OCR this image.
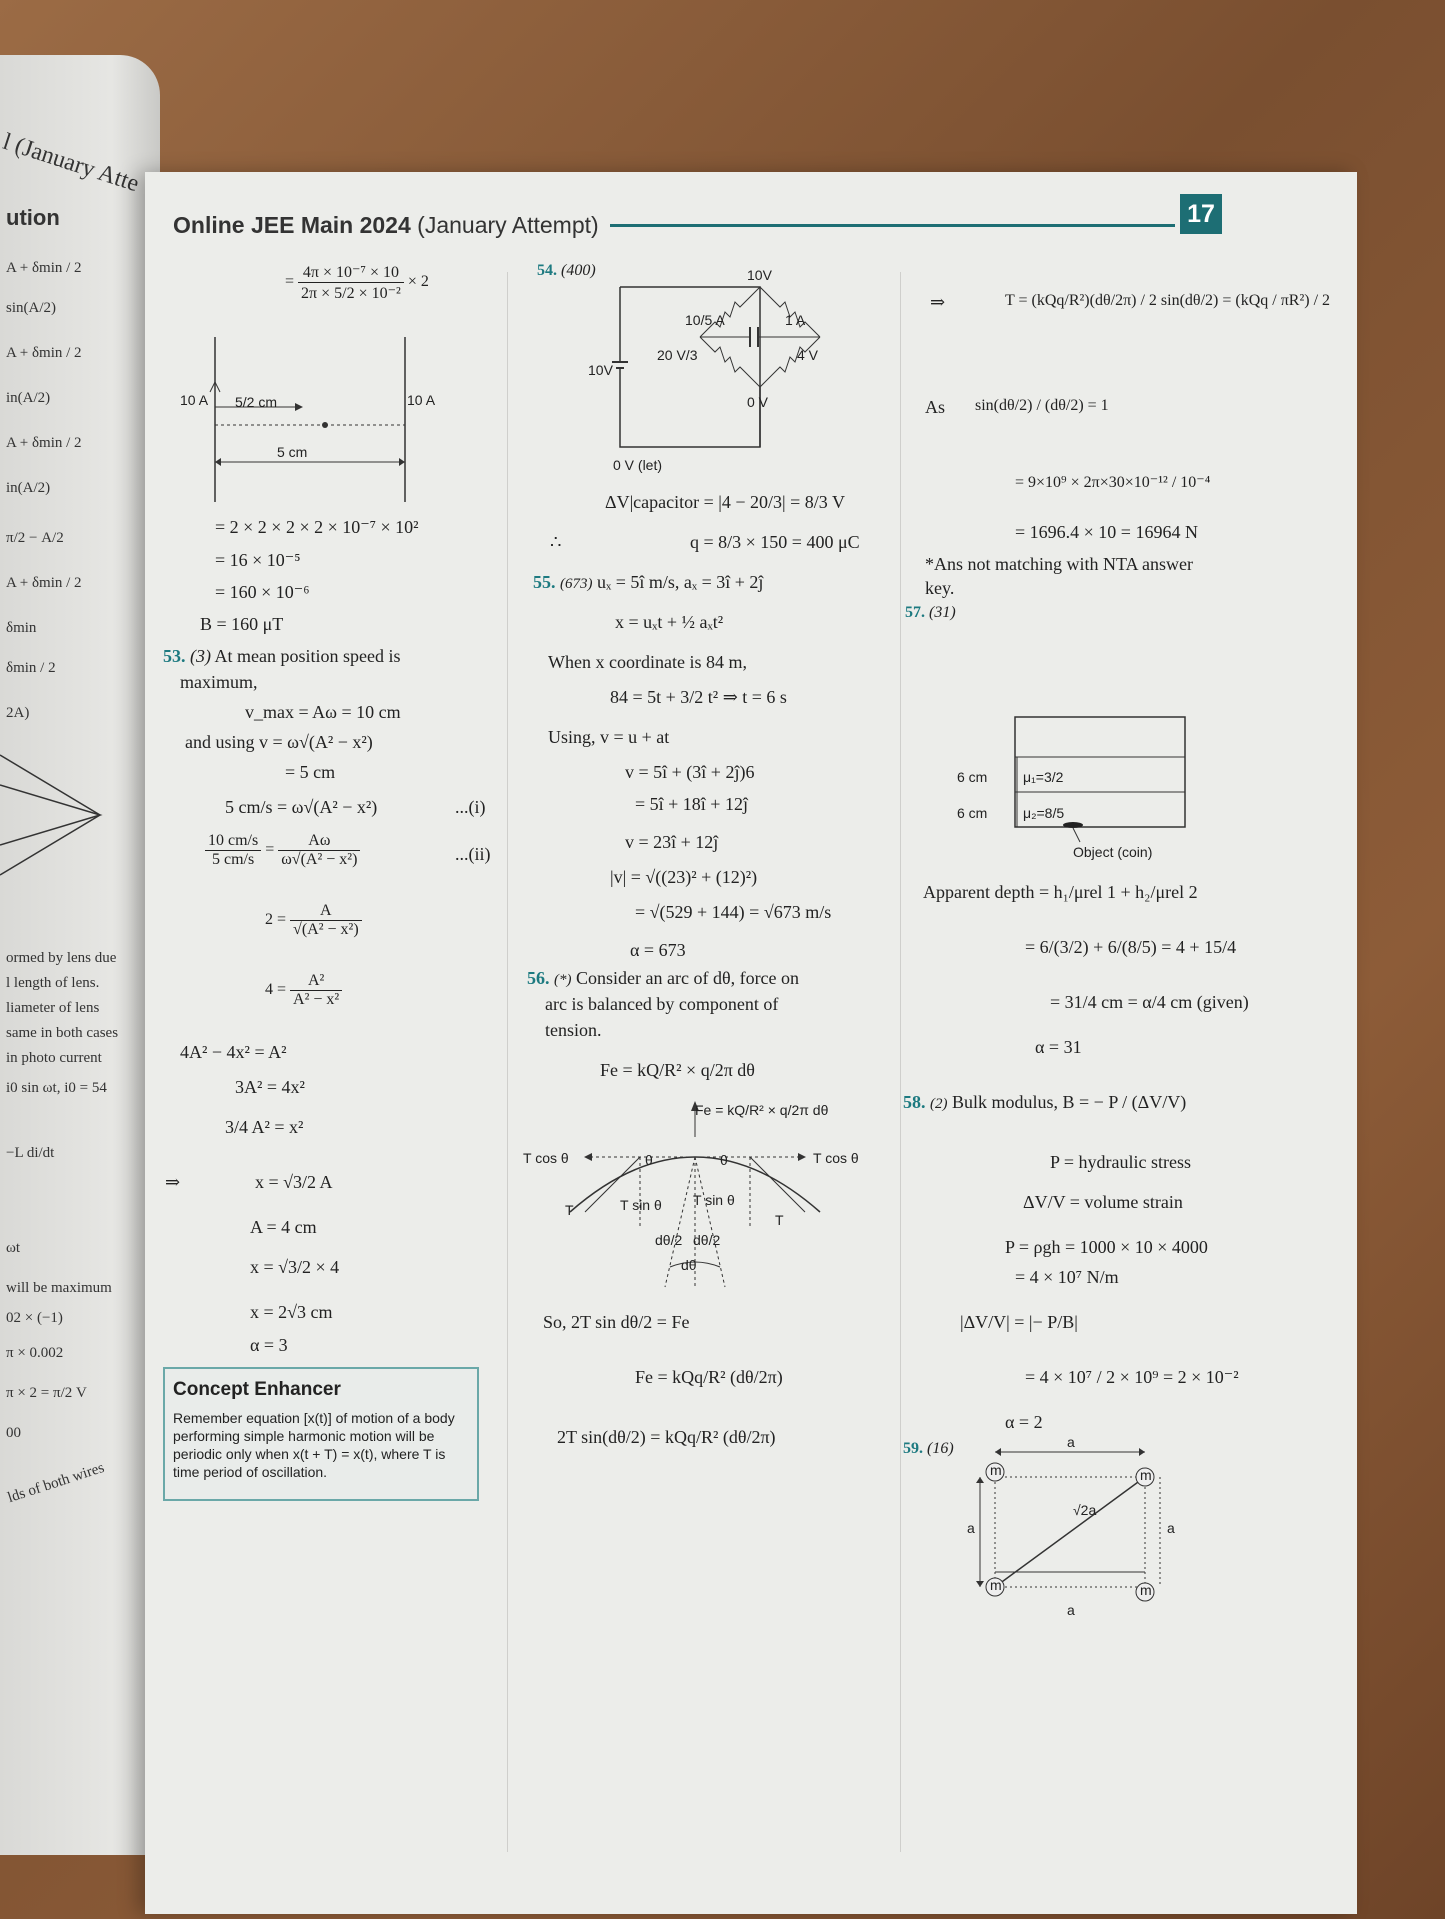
l (January Atte
ution
A + δmin / 2
sin(A/2)
A + δmin / 2
in(A/2)
A + δmin / 2
in(A/2)
π/2 − A/2
A + δmin / 2
δmin
δmin / 2
2A)
ormed by lens due
l length of lens.
liameter of lens
same in both cases
in photo current
i0 sin ωt, i0 = 54
−L di/dt
ωt
will be maximum
02 × (−1)
π × 0.002
π × 2 = π/2 V
00
lds of both wires
Online JEE Main 2024 (January Attempt)	17
= $\frac{\text{4π × 10⁻⁷ × 10}}{\text{2π × 5/2 × 10⁻²}} \times 2$
10 A	10 A
5/2 cm
5 cm
= 2 × 2 × 2 × 2 × 10⁻⁷ × 10²
= 16 × 10⁻⁵
= 160 × 10⁻⁶
B = 160 μT
53. (3) At mean position speed is
maximum,
v_max = Aω = 10 cm
and using v = ω√(A² − x²)
= 5 cm
5 cm/s = ω√(A² − x²)	...(i)
$\frac{10 cm/s}{5 cm/s} = \frac{A\omega}{\text{ω√(A² − x²)}}$	...(ii)
$2 = \frac{A}{\text{√(A² − x²)}}$
$4 = \frac{\text{A²}}{\text{A² − x²}}$
4A² − 4x² = A²
3A² = 4x²
3/4 A² = x²
⇒	x = √3/2 A
A = 4 cm
x = √3/2 × 4
x = 2√3 cm
α = 3
Concept Enhancer
Remember equation [x(t)] of motion of a body performing simple harmonic motion will be periodic only when x(t + T) = x(t), where T is time period of oscillation.
54. (400)	10V
10V
10/5 A	1 A
20 V/3	4 V
0 V
0 V (let)
ΔV|capacitor = |4 − 20/3| = 8/3 V
∴	q = 8/3 × 150 = 400 μC
55. (673) uₓ = 5î m/s, aₓ = 3î + 2ĵ
x = uₓt + ½ aₓt²
When x coordinate is 84 m,
84 = 5t + 3/2 t² ⇒ t = 6 s
Using, v = u + at
v = 5î + (3î + 2ĵ)6
= 5î + 18î + 12ĵ
v = 23î + 12ĵ
|v| = √((23)² + (12)²)
= √(529 + 144) = √673 m/s
α = 673
56. (*) Consider an arc of dθ, force on
arc is balanced by component of
tension.
Fe = kQ/R² × q/2π dθ
Fe = kQ/R² × q/2π dθ
T cos θ	T cos θ
T sin θ T sin θ
T
T
θ	θ
dθ/2 dθ/2
dθ
So, 2T sin dθ/2 = Fe
Fe = kQq/R² (dθ/2π)
2T sin(dθ/2) = kQq/R² (dθ/2π)
⇒	T = (kQq/R²)(dθ/2π) / 2 sin(dθ/2) = (kQq / πR²) / 2
As sin(dθ/2) / (dθ/2) = 1
= 9×10⁹ × 2π×30×10⁻¹² / 10⁻⁴
= 1696.4 × 10 = 16964 N
*Ans not matching with NTA answer
key.
57. (31)
6 cm
6 cm
μ₁=3/2
μ₂=8/5
Object (coin)
Apparent depth = h₁/μrel 1 + h₂/μrel 2
= 6/(3/2) + 6/(8/5) = 4 + 15/4
= 31/4 cm = α/4 cm (given)
α = 31
58. (2) Bulk modulus, B = − P / (ΔV/V)
P = hydraulic stress
ΔV/V = volume strain
P = ρgh = 1000 × 10 × 4000
= 4 × 10⁷ N/m
|ΔV/V| = |− P/B|
= 4 × 10⁷ / 2 × 10⁹ = 2 × 10⁻²
α = 2
59. (16)	a
a
a	a
√2a
m	m
m	m
